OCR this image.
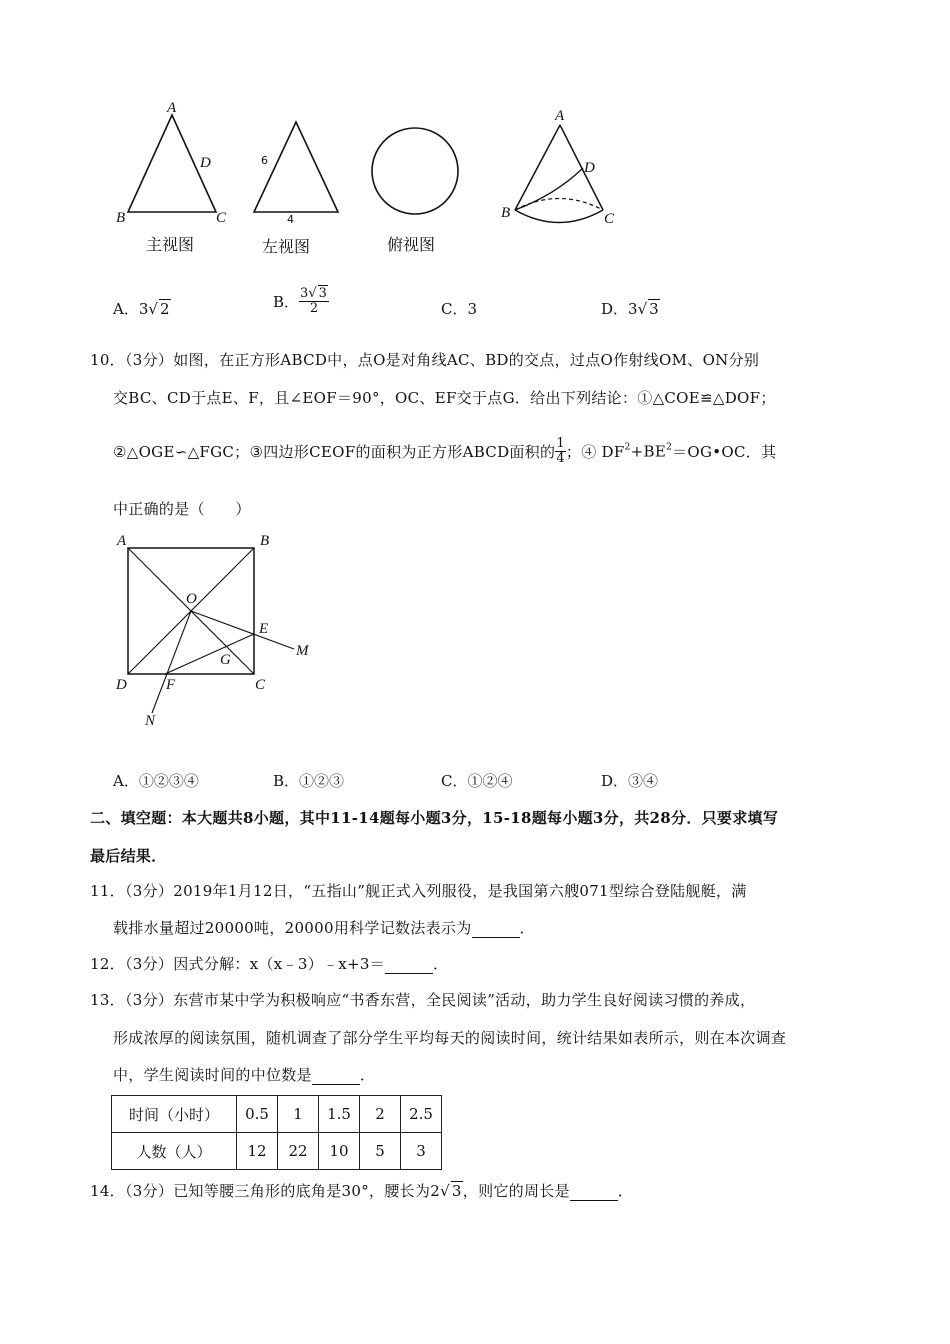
A
D
B	C
主视图
6
4
左视图	俯视图
A
D
B	C
A．3√ 2	B． $\frac{3√ 3}{2}$	C．3	D．3√ 3
10．（3分）如图，在正方形ABCD中，点O是对角线AC、BD的交点，过点O作射线OM、ON分别
交BC、CD于点E、F，且∠EOF＝90°，OC、EF交于点G．给出下列结论：①△COE≌△DOF；
②△OGE∽△FGC；③四边形CEOF的面积为正方形ABCD面积的 $\frac{1}{4}$ ；④ $DF^2+BE^2=OG•OC$．其
中正确的是（　　）
A	B
O
E
M
G
D	F	C
N
A．①②③④	B．①②③	C．①②④	D．③④
二、填空题：本大题共8小题，其中11-14题每小题3分，15-18题每小题3分，共28分．只要求填写
最后结果．
11．（3分）2019年1月12日，“五指山”舰正式入列服役，是我国第六艘071型综合登陆舰艇，满
载排水量超过20000吨，20000用科学记数法表示为	．
12．（3分）因式分解：x（x﹣3）﹣x+3＝	．
13．（3分）东营市某中学为积极响应“书香东营，全民阅读”活动，助力学生良好阅读习惯的养成，
形成浓厚的阅读氛围，随机调查了部分学生平均每天的阅读时间，统计结果如表所示，则在本次调查
中，学生阅读时间的中位数是	．
时间（小时）	0.5	1	1.5	2	2.5
人数（人）	12	22	10	5	3
14．（3分）已知等腰三角形的底角是30°，腰长为2√ 3，则它的周长是	．
